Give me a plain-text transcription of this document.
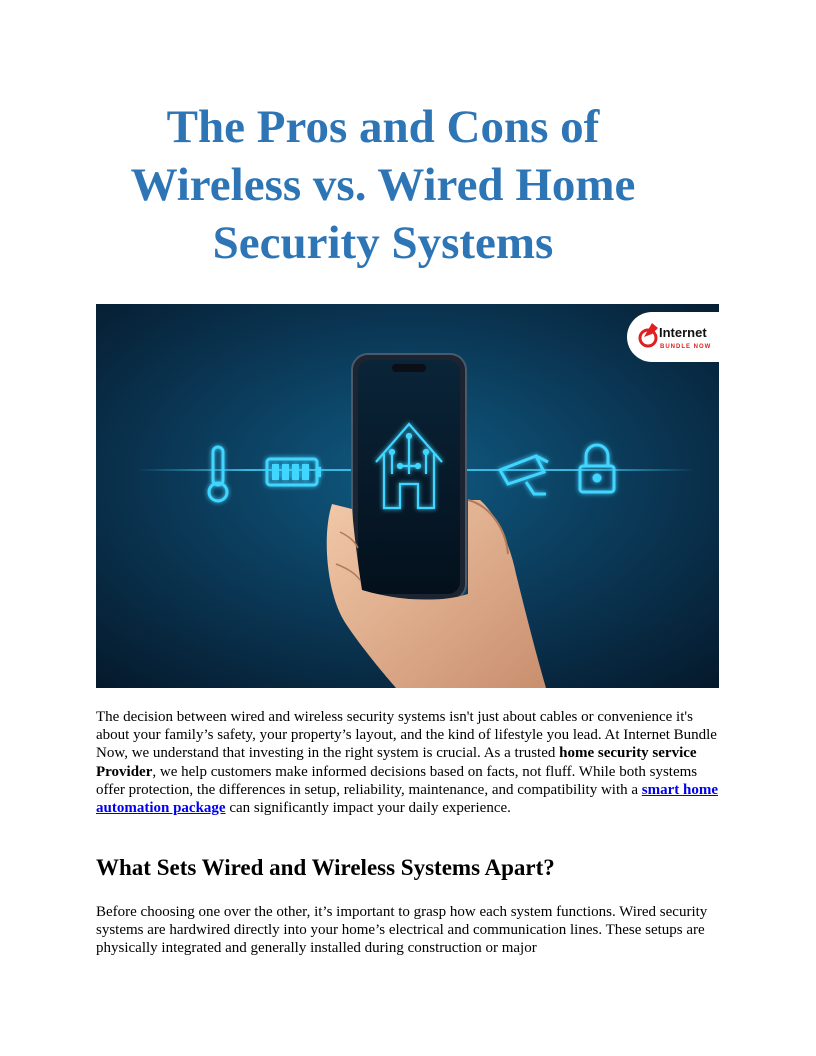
The Pros and Cons of
Wireless vs. Wired Home
Security Systems
Internet
BUNDLE NOW

The decision between wired and wireless security systems isn't just about cables or convenience it's about your family’s safety, your property’s layout, and the kind of lifestyle you lead. At Internet Bundle Now, we understand that investing in the right system is crucial. As a trusted home security service Provider, we help customers make informed decisions based on facts, not fluff. While both systems offer protection, the differences in setup, reliability, maintenance, and compatibility with a smart home automation package can significantly impact your daily experience.

What Sets Wired and Wireless Systems Apart?

Before choosing one over the other, it’s important to grasp how each system functions. Wired security systems are hardwired directly into your home’s electrical and communication lines. These setups are physically integrated and generally installed during construction or major
